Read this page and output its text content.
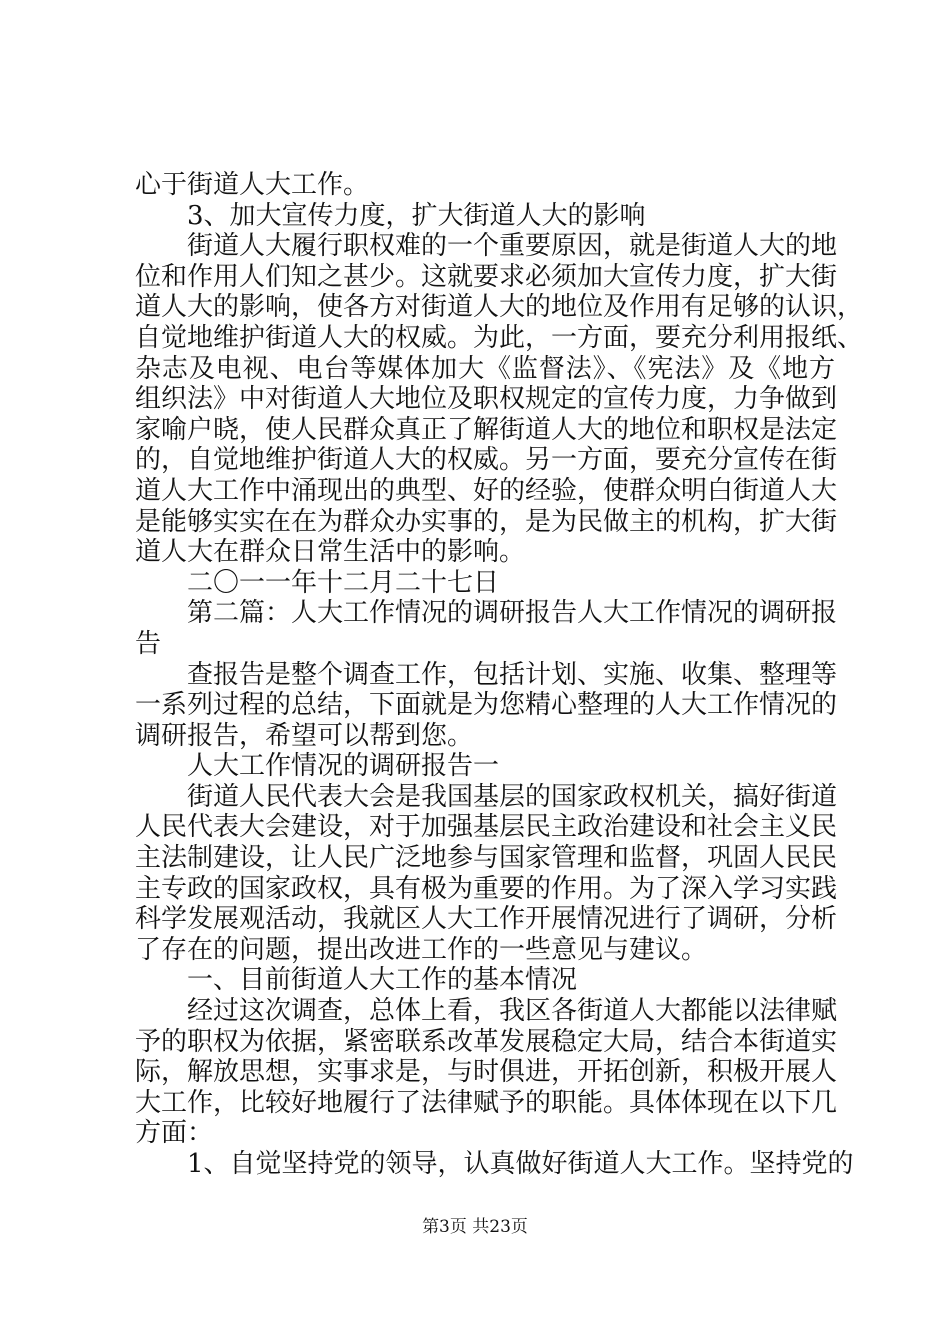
心于街道人大工作。
3、加大宣传力度，扩大街道人大的影响
街道人大履行职权难的一个重要原因，就是街道人大的地
位和作用人们知之甚少。这就要求必须加大宣传力度，扩大街
道人大的影响，使各方对街道人大的地位及作用有足够的认识，
自觉地维护街道人大的权威。为此，一方面，要充分利用报纸、
杂志及电视、电台等媒体加大《监督法》、《宪法》及《地方
组织法》中对街道人大地位及职权规定的宣传力度，力争做到
家喻户晓，使人民群众真正了解街道人大的地位和职权是法定
的，自觉地维护街道人大的权威。另一方面，要充分宣传在街
道人大工作中涌现出的典型、好的经验，使群众明白街道人大
是能够实实在在为群众办实事的，是为民做主的机构，扩大街
道人大在群众日常生活中的影响。
二〇一一年十二月二十七日
第二篇：人大工作情况的调研报告人大工作情况的调研报
告
查报告是整个调查工作，包括计划、实施、收集、整理等
一系列过程的总结，下面就是为您精心整理的人大工作情况的
调研报告，希望可以帮到您。
人大工作情况的调研报告一
街道人民代表大会是我国基层的国家政权机关，搞好街道
人民代表大会建设，对于加强基层民主政治建设和社会主义民
主法制建设，让人民广泛地参与国家管理和监督，巩固人民民
主专政的国家政权，具有极为重要的作用。为了深入学习实践
科学发展观活动，我就区人大工作开展情况进行了调研，分析
了存在的问题，提出改进工作的一些意见与建议。
一、目前街道人大工作的基本情况
经过这次调查，总体上看，我区各街道人大都能以法律赋
予的职权为依据，紧密联系改革发展稳定大局，结合本街道实
际，解放思想，实事求是，与时俱进，开拓创新，积极开展人
大工作，比较好地履行了法律赋予的职能。具体体现在以下几
方面：
1、自觉坚持党的领导，认真做好街道人大工作。坚持党的
第3页 共23页
